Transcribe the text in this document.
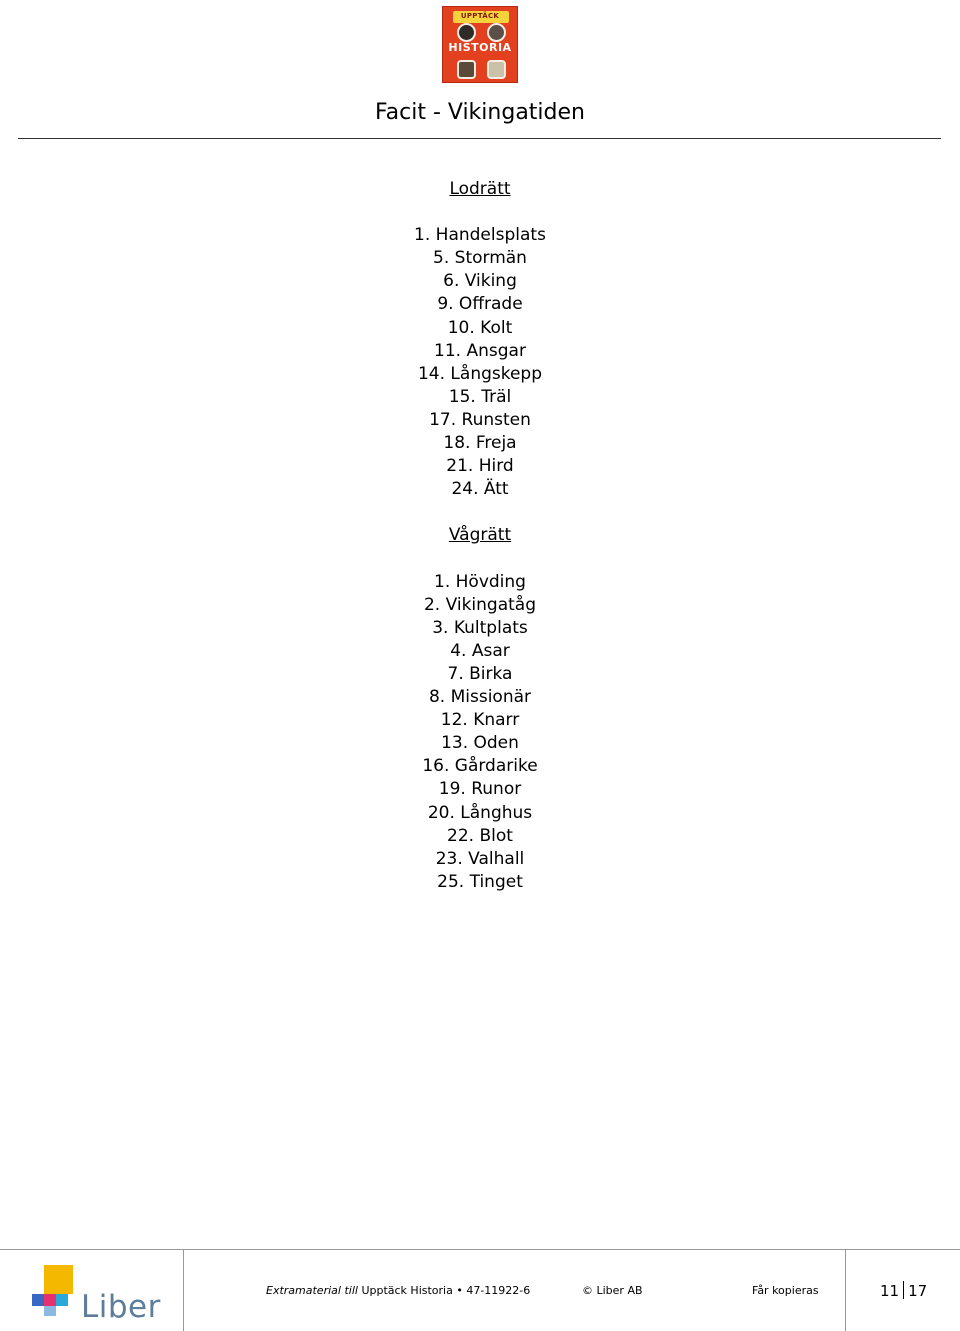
UPPTÄCK
HISTORIA
Facit - Vikingatiden
Lodrätt
1. Handelsplats
5. Stormän
6. Viking
9. Offrade
10. Kolt
11. Ansgar
14. Långskepp
15. Träl
17. Runsten
18. Freja
21. Hird
24. Ätt
Vågrätt
1. Hövding
2. Vikingatåg
3. Kultplats
4. Asar
7. Birka
8. Missionär
12. Knarr
13. Oden
16. Gårdarike
19. Runor
20. Långhus
22. Blot
23. Valhall
25. Tinget
Liber	Extramaterial till Upptäck Historia • 47-11922-6	© Liber AB	Får kopieras	11 17
